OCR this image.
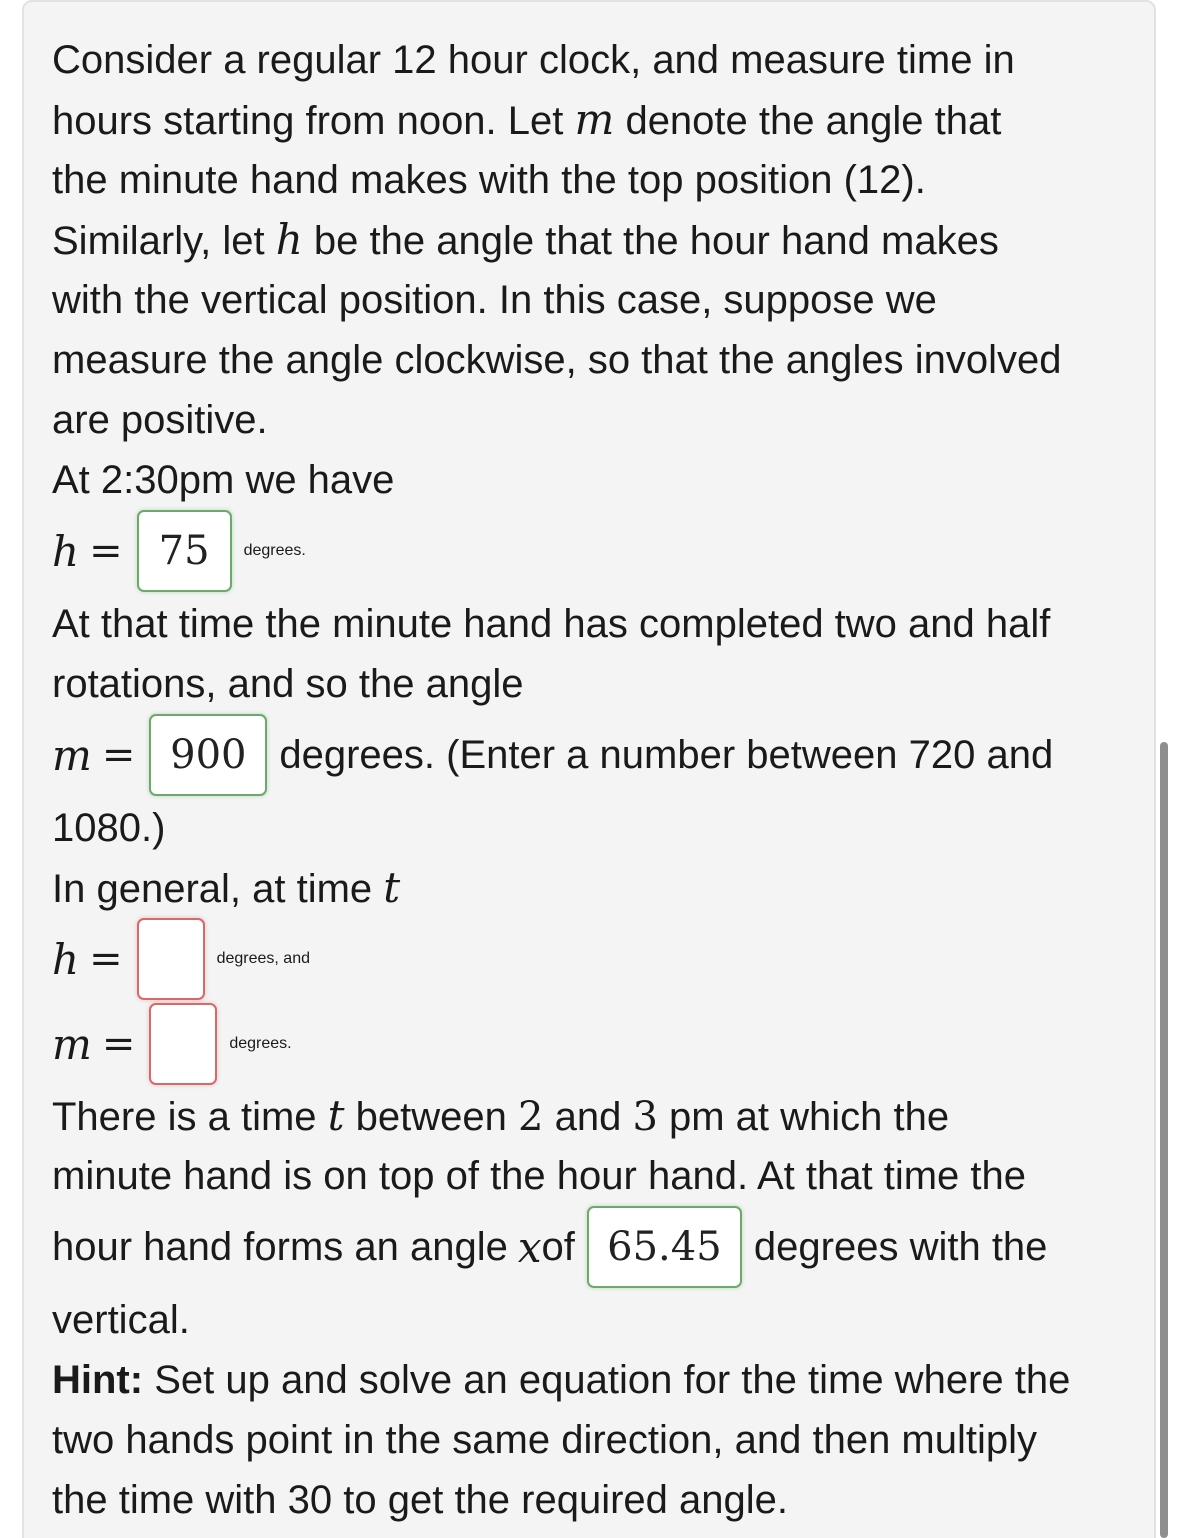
Consider a regular 12 hour clock, and measure time in
hours starting from noon. Let m denote the angle that
the minute hand makes with the top position (12).
Similarly, let h be the angle that the hour hand makes
with the vertical position. In this case, suppose we
measure the angle clockwise, so that the angles involved
are positive.
At 2:30pm we have
h = 75	degrees.
At that time the minute hand has completed two and half
rotations, and so the angle
m = 900 degrees. (Enter a number between 720 and
1080.)
In general, at time t
h =	degrees, and
m =	degrees.
There is a time t between 2 and 3 pm at which the
minute hand is on top of the hour hand. At that time the
hour hand forms an angle x of 65.45 degrees with the
vertical.
Hint: Set up and solve an equation for the time where the
two hands point in the same direction, and then multiply
the time with 30 to get the required angle.
